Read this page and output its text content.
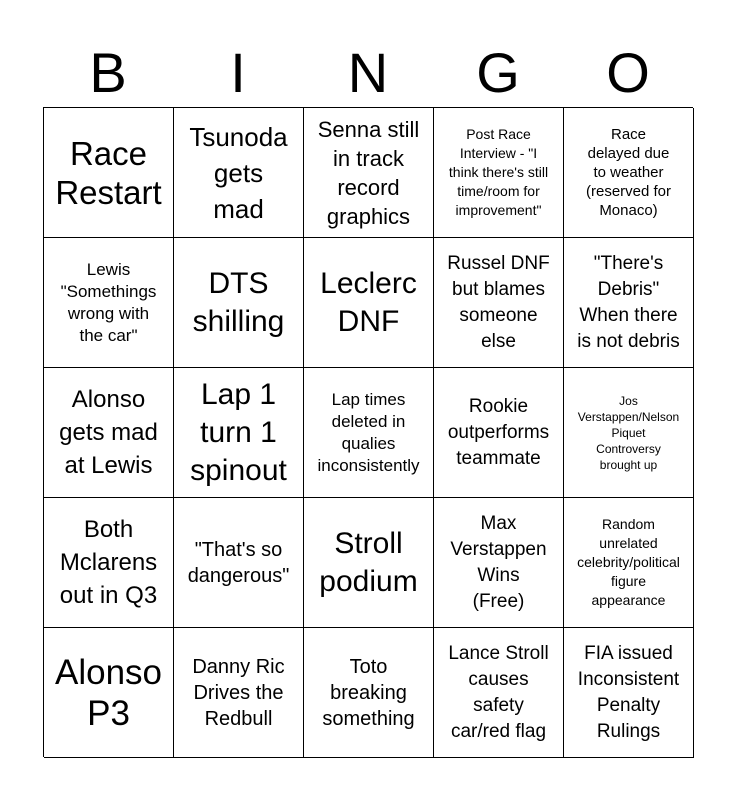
B	I	N	G	O
Race
Restart
Tsunoda
gets
mad
Senna still
in track
record
graphics
Post Race
Interview - "I
think there's still
time/room for
improvement"
Race
delayed due
to weather
(reserved for
Monaco)
Lewis
"Somethings
wrong with
the car"
DTS
shilling
Leclerc
DNF
Russel DNF
but blames
someone
else
"There's
Debris"
When there
is not debris
Alonso
gets mad
at Lewis
Lap 1
turn 1
spinout
Lap times
deleted in
qualies
inconsistently
Rookie
outperforms
teammate
Jos
Verstappen/Nelson
Piquet
Controversy
brought up
Both
Mclarens
out in Q3
"That's so
dangerous"
Stroll
podium
Max
Verstappen
Wins
(Free)
Random
unrelated
celebrity/political
figure
appearance
Alonso
P3
Danny Ric
Drives the
Redbull
Toto
breaking
something
Lance Stroll
causes
safety
car/red flag
FIA issued
Inconsistent
Penalty
Rulings
